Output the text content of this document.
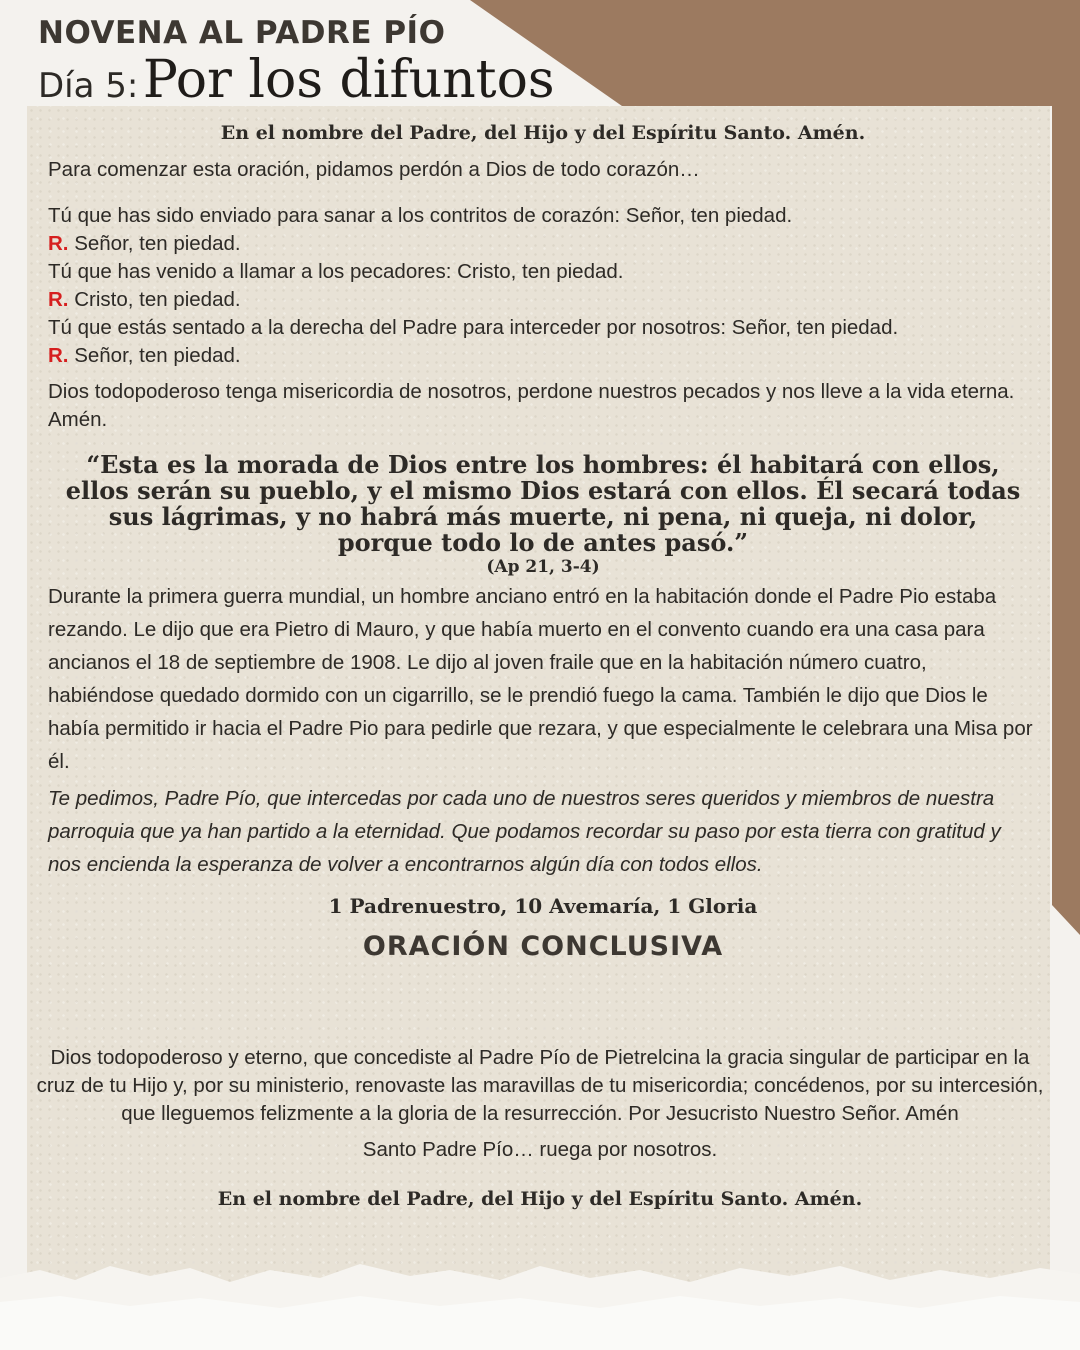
NOVENA AL PADRE PÍO
Día 5: Por los difuntos
En el nombre del Padre, del Hijo y del Espíritu Santo. Amén.

Para comenzar esta oración, pidamos perdón a Dios de todo corazón…

Tú que has sido enviado para sanar a los contritos de corazón: Señor, ten piedad.

R. Señor, ten piedad.

Tú que has venido a llamar a los pecadores: Cristo, ten piedad.

R. Cristo, ten piedad.

Tú que estás sentado a la derecha del Padre para interceder por nosotros: Señor, ten piedad.

R. Señor, ten piedad.

Dios todopoderoso tenga misericordia de nosotros, perdone nuestros pecados y nos lleve a la vida eterna. Amén.

“Esta es la morada de Dios entre los hombres: él habitará con ellos, ellos serán su pueblo, y el mismo Dios estará con ellos. Él secará todas sus lágrimas, y no habrá más muerte, ni pena, ni queja, ni dolor, porque todo lo de antes pasó.”

(Ap 21, 3-4)

Durante la primera guerra mundial, un hombre anciano entró en la habitación donde el Padre Pio estaba rezando. Le dijo que era Pietro di Mauro, y que había muerto en el convento cuando era una casa para ancianos el 18 de septiembre de 1908. Le dijo al joven fraile que en la habitación número cuatro, habiéndose quedado dormido con un cigarrillo, se le prendió fuego la cama. También le dijo que Dios le había permitido ir hacia el Padre Pio para pedirle que rezara, y que especialmente le celebrara una Misa por él.

Te pedimos, Padre Pío, que intercedas por cada uno de nuestros seres queridos y miembros de nuestra parroquia que ya han partido a la eternidad. Que podamos recordar su paso por esta tierra con gratitud y nos encienda la esperanza de volver a encontrarnos algún día con todos ellos.

1 Padrenuestro, 10 Avemaría, 1 Gloria
ORACIÓN CONCLUSIVA

Dios todopoderoso y eterno, que concediste al Padre Pío de Pietrelcina la gracia singular de participar en la cruz de tu Hijo y, por su ministerio, renovaste las maravillas de tu misericordia; concédenos, por su intercesión, que lleguemos felizmente a la gloria de la resurrección. Por Jesucristo Nuestro Señor. Amén

Santo Padre Pío… ruega por nosotros.

En el nombre del Padre, del Hijo y del Espíritu Santo. Amén.
